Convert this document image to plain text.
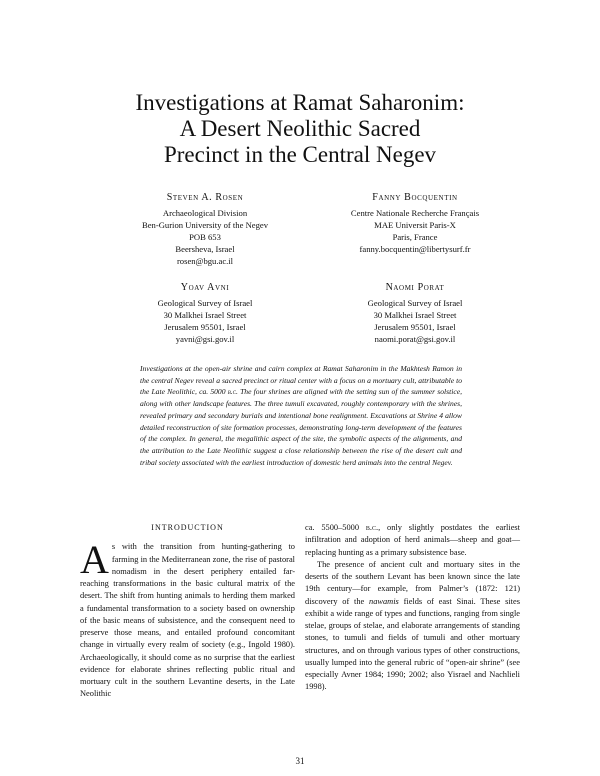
Investigations at Ramat Saharonim:
A Desert Neolithic Sacred
Precinct in the Central Negev
Steven A. Rosen
Archaeological Division
Ben-Gurion University of the Negev
POB 653
Beersheva, Israel
rosen@bgu.ac.il
Fanny Bocquentin
Centre Nationale Recherche Français
MAE Universit Paris-X
Paris, France
fanny.bocquentin@libertysurf.fr
Yoav Avni
Geological Survey of Israel
30 Malkhei Israel Street
Jerusalem 95501, Israel
yavni@gsi.gov.il
Naomi Porat
Geological Survey of Israel
30 Malkhei Israel Street
Jerusalem 95501, Israel
naomi.porat@gsi.gov.il
Investigations at the open-air shrine and cairn complex at Ramat Saharonim in the Makhtesh Ramon in the central Negev reveal a sacred precinct or ritual center with a focus on a mortuary cult, attributable to the Late Neolithic, ca. 5000 b.c. The four shrines are aligned with the setting sun of the summer solstice, along with other landscape features. The three tumuli excavated, roughly contemporary with the shrines, revealed primary and secondary burials and intentional bone realignment. Excavations at Shrine 4 allow detailed reconstruction of site formation processes, demonstrating long-term development of the features of the complex. In general, the megalithic aspect of the site, the symbolic aspects of the alignments, and the attribution to the Late Neolithic suggest a close relationship between the rise of the desert cult and tribal society associated with the earliest introduction of domestic herd animals into the central Negev.
INTRODUCTION
As with the transition from hunting-gathering to farming in the Mediterranean zone, the rise of pastoral nomadism in the desert periphery entailed far-reaching transformations in the basic cultural matrix of the desert. The shift from hunting animals to herding them marked a fundamental transformation to a society based on ownership of the basic means of subsistence, and the consequent need to preserve those means, and entailed profound concomitant change in virtually every realm of society (e.g., Ingold 1980). Archaeologically, it should come as no surprise that the earliest evidence for elaborate shrines reflecting public ritual and mortuary cult in the southern Levantine deserts, in the Late Neolithic
ca. 5500–5000 b.c., only slightly postdates the earliest infiltration and adoption of herd animals—sheep and goat—replacing hunting as a primary subsistence base.
The presence of ancient cult and mortuary sites in the deserts of the southern Levant has been known since the late 19th century—for example, from Palmer’s (1872: 121) discovery of the nawamis fields of east Sinai. These sites exhibit a wide range of types and functions, ranging from single stelae, groups of stelae, and elaborate arrangements of standing stones, to tumuli and fields of tumuli and other mortuary structures, and on through various types of other constructions, usually lumped into the general rubric of “open-air shrine” (see especially Avner 1984; 1990; 2002; also Yisrael and Nachlieli 1998).
31
